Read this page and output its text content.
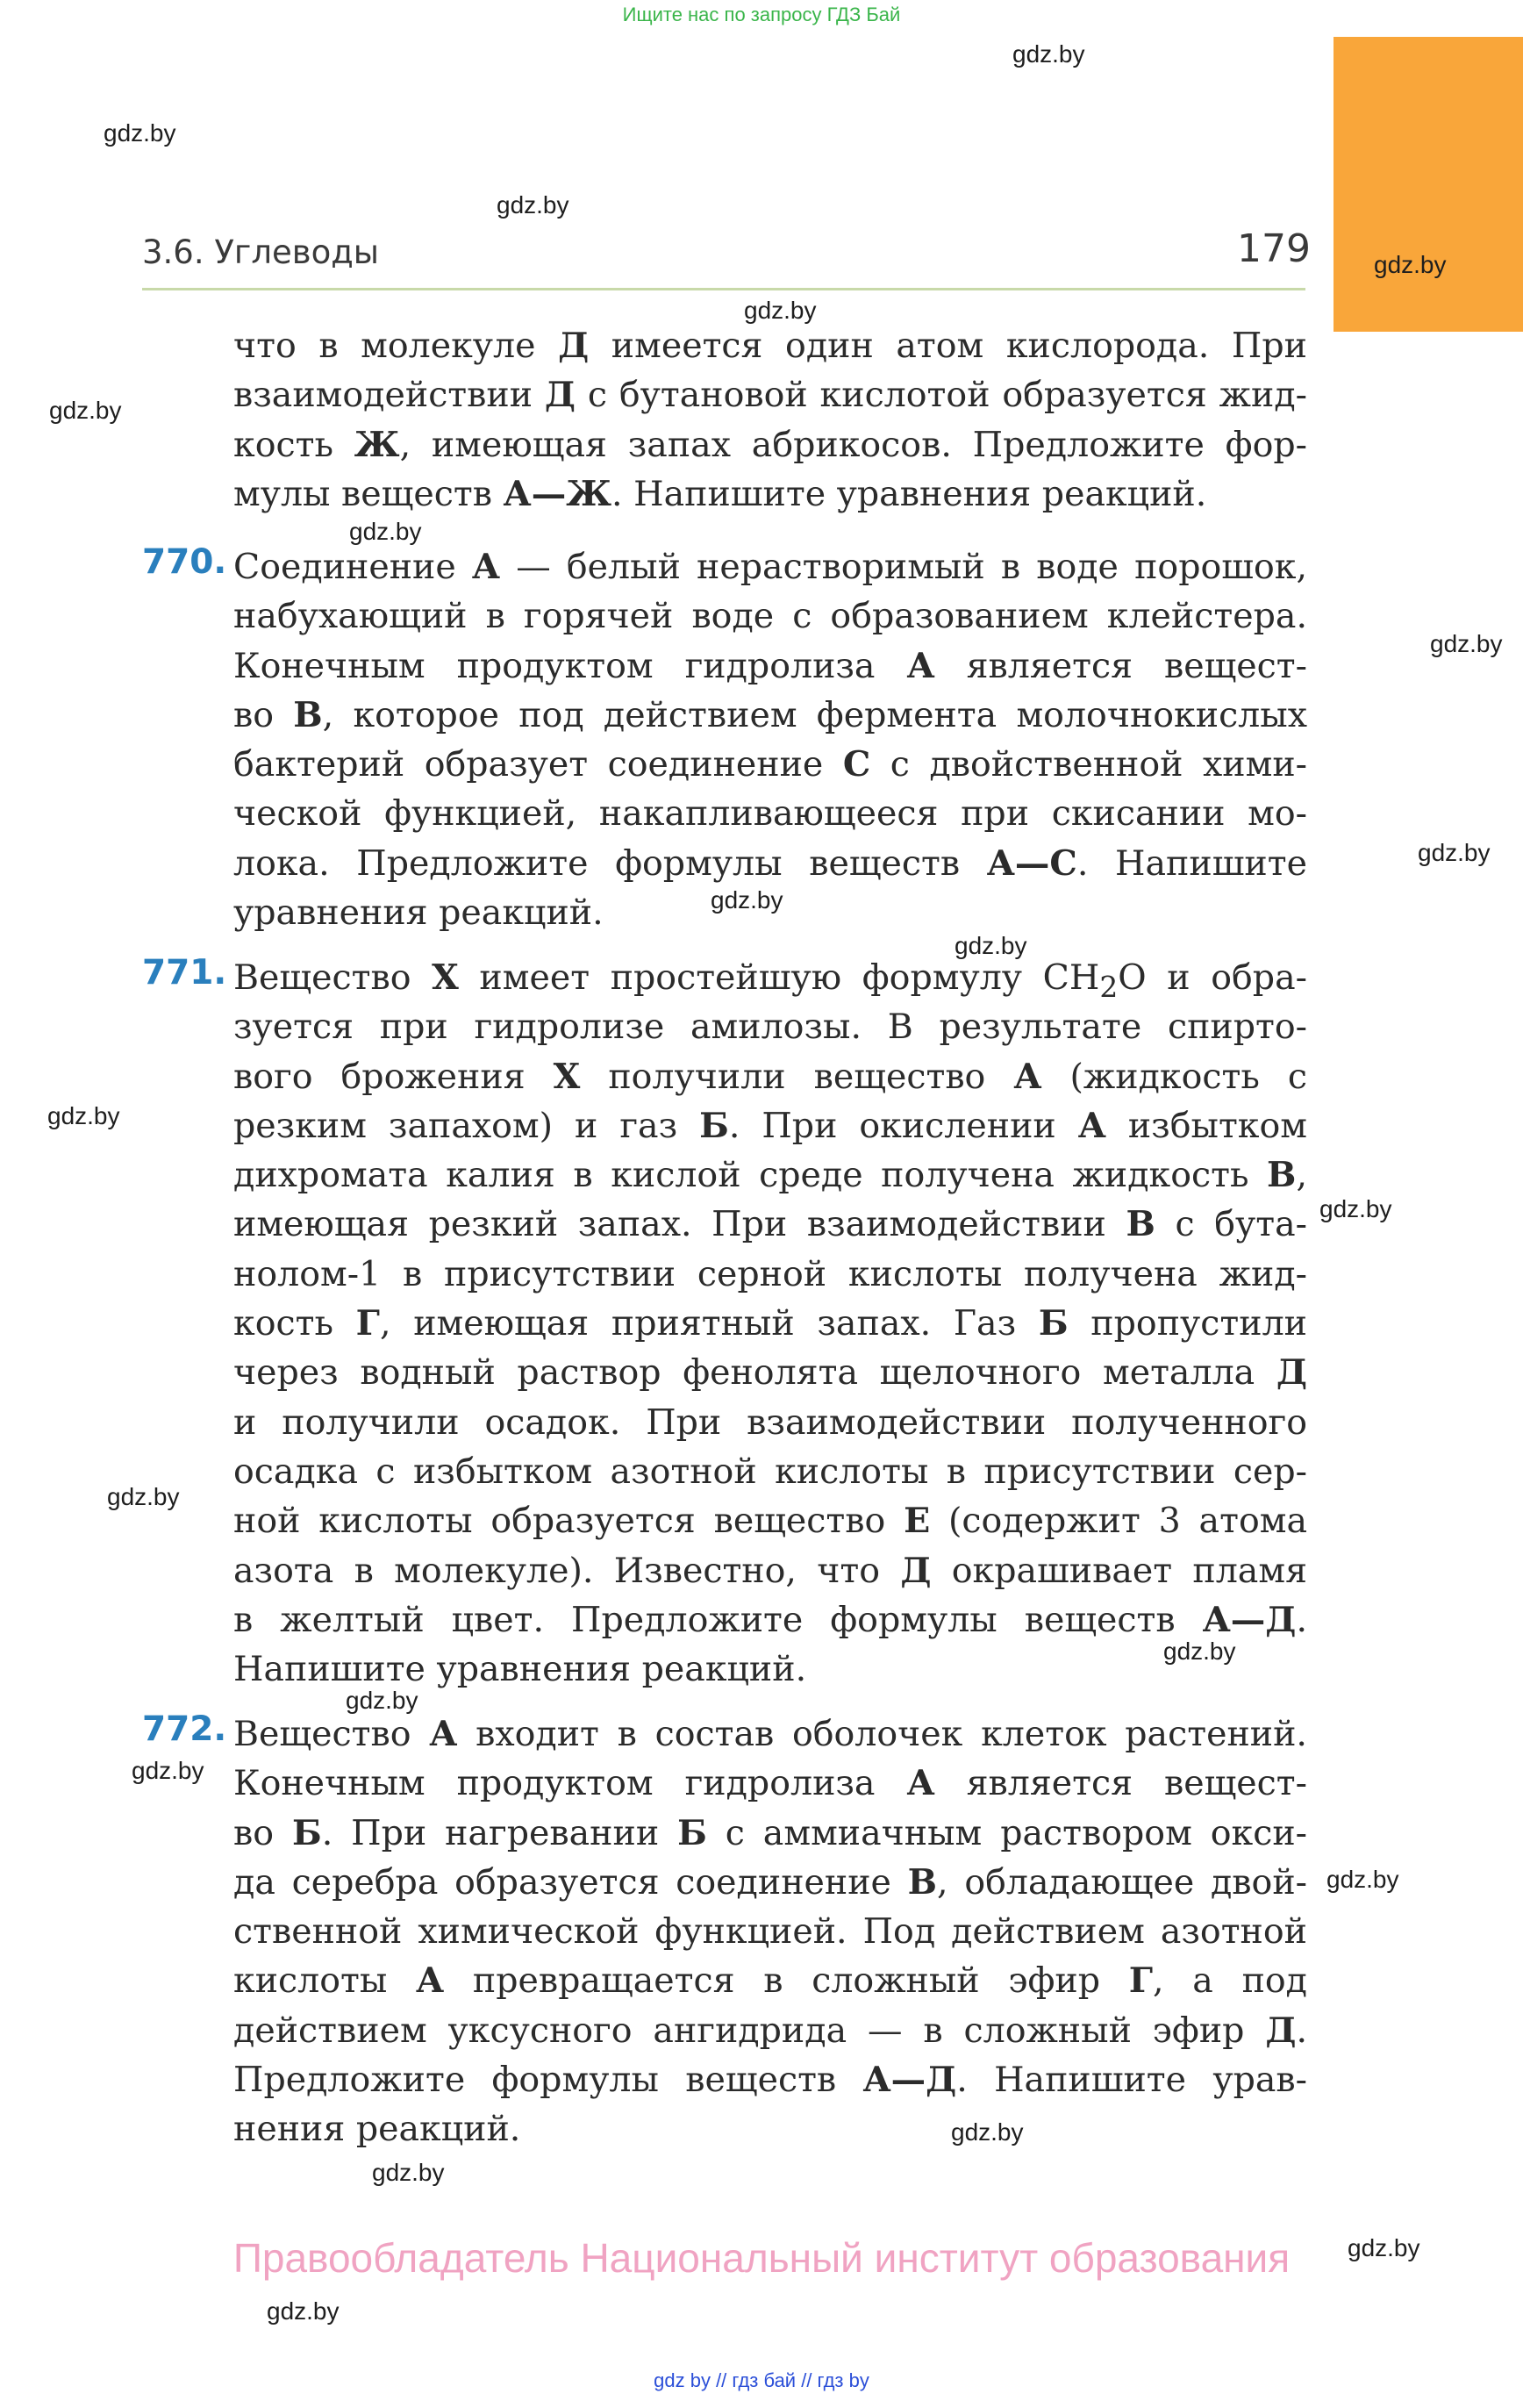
Ищите нас по запросу ГДЗ Бай
3.6. Углеводы	179
gdz.by
gdz.by
gdz.by
gdz.by
gdz.by
gdz.by
gdz.by
gdz.by
gdz.by
gdz.by
gdz.by
gdz.by
gdz.by
gdz.by
gdz.by
gdz.by
gdz.by
gdz.by
gdz.by
gdz.by
gdz.by
gdz.by
что в молекуле Д имеется один атом кислорода. При
взаимодействии Д с бутановой кислотой образуется жид-
кость Ж, имеющая запах абрикосов. Предложите фор-
мулы веществ А—Ж. Напишите уравнения реакций.
770. Соединение А — белый нерастворимый в воде порошок,
набухающий в горячей воде с образованием клейстера.
Конечным продуктом гидролиза А является вещест-
во В, которое под действием фермента молочнокислых
бактерий образует соединение С с двойственной хими-
ческой функцией, накапливающееся при скисании мо-
лока. Предложите формулы веществ А—С. Напишите
уравнения реакций.
771. Вещество Х имеет простейшую формулу $CH_2O$ и обра-
зуется при гидролизе амилозы. В результате спирто-
вого брожения Х получили вещество А (жидкость с
резким запахом) и газ Б. При окислении А избытком
дихромата калия в кислой среде получена жидкость В,
имеющая резкий запах. При взаимодействии В с бута-
нолом-1 в присутствии серной кислоты получена жид-
кость Г, имеющая приятный запах. Газ Б пропустили
через водный раствор фенолята щелочного металла Д
и получили осадок. При взаимодействии полученного
осадка с избытком азотной кислоты в присутствии сер-
ной кислоты образуется вещество Е (содержит 3 атома
азота в молекуле). Известно, что Д окрашивает пламя
в желтый цвет. Предложите формулы веществ А—Д.
Напишите уравнения реакций.
772. Вещество А входит в состав оболочек клеток растений.
Конечным продуктом гидролиза А является вещест-
во Б. При нагревании Б с аммиачным раствором окси-
да серебра образуется соединение В, обладающее двой-
ственной химической функцией. Под действием азотной
кислоты А превращается в сложный эфир Г, а под
действием уксусного ангидрида — в сложный эфир Д.
Предложите формулы веществ А—Д. Напишите урав-
нения реакций.
Правообладатель Национальный институт образования
gdz by // гдз бай // гдз by
